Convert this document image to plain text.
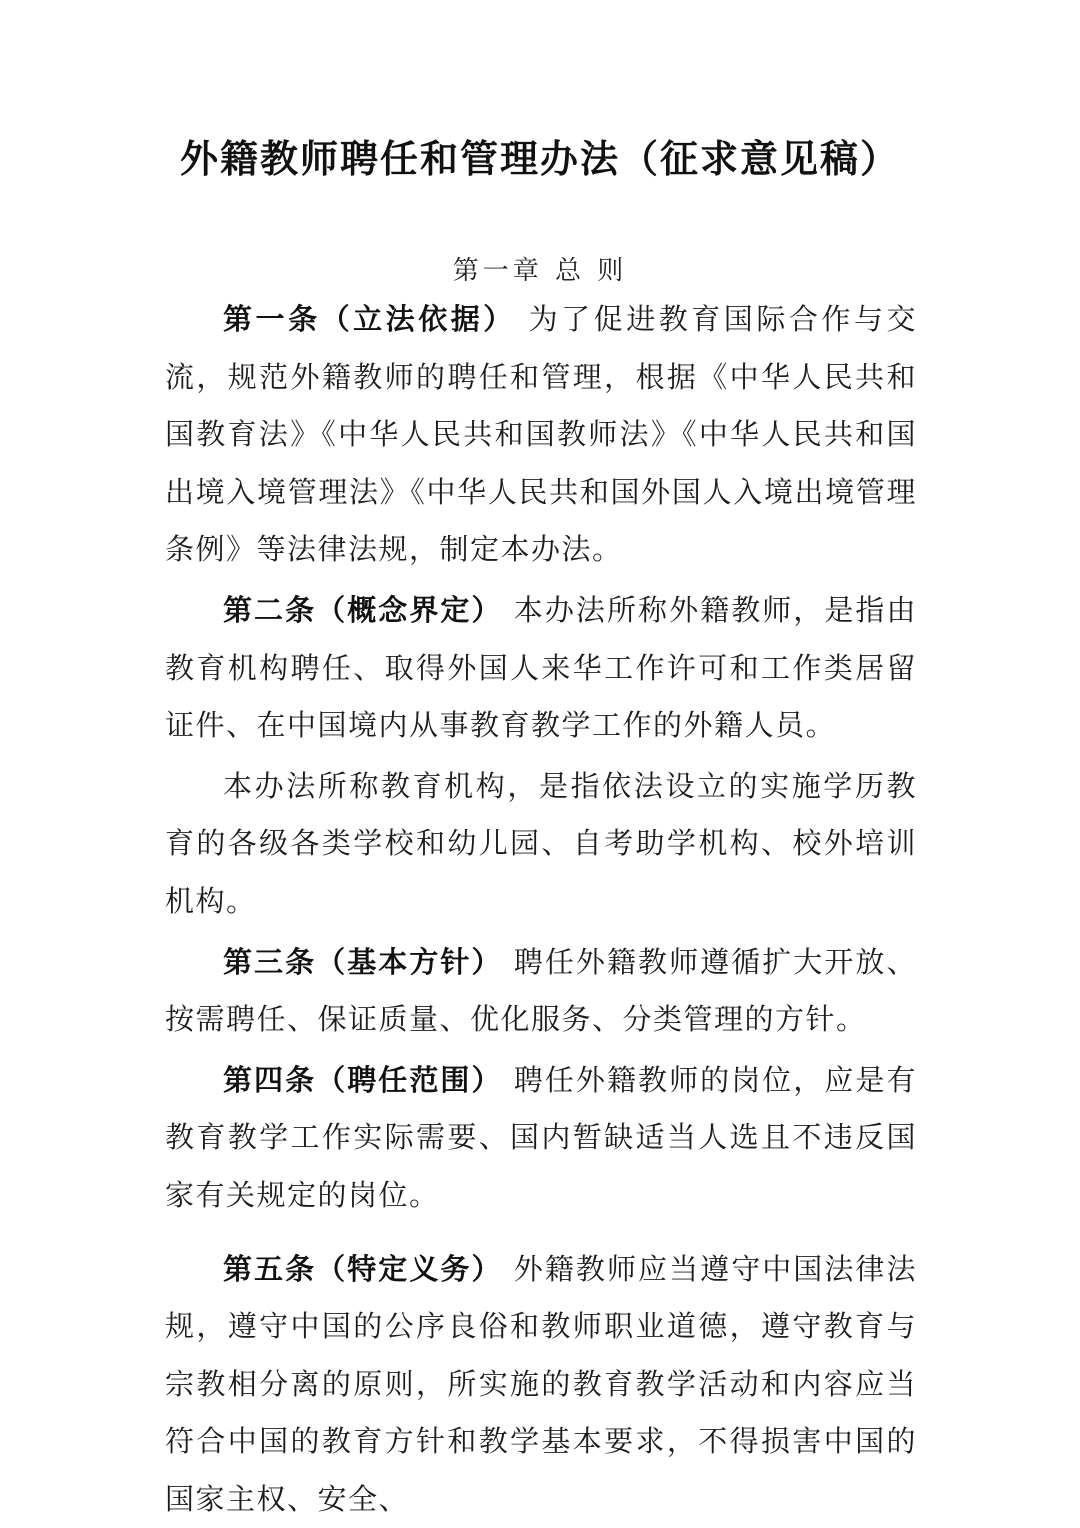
外籍教师聘任和管理办法（征求意见稿）
第一章 总 则

第一条（立法依据） 为了促进教育国际合作与交流，规范外籍教师的聘任和管理，根据《中华人民共和国教育法》《中华人民共和国教师法》《中华人民共和国出境入境管理法》《中华人民共和国外国人入境出境管理条例》等法律法规，制定本办法。

第二条（概念界定） 本办法所称外籍教师，是指由教育机构聘任、取得外国人来华工作许可和工作类居留证件、在中国境内从事教育教学工作的外籍人员。

本办法所称教育机构，是指依法设立的实施学历教育的各级各类学校和幼儿园、自考助学机构、校外培训机构。

第三条（基本方针） 聘任外籍教师遵循扩大开放、按需聘任、保证质量、优化服务、分类管理的方针。

第四条（聘任范围） 聘任外籍教师的岗位，应是有教育教学工作实际需要、国内暂缺适当人选且不违反国家有关规定的岗位。

第五条（特定义务） 外籍教师应当遵守中国法律法规，遵守中国的公序良俗和教师职业道德，遵守教育与宗教相分离的原则，所实施的教育教学活动和内容应当符合中国的教育方针和教学基本要求，不得损害中国的国家主权、安全、
